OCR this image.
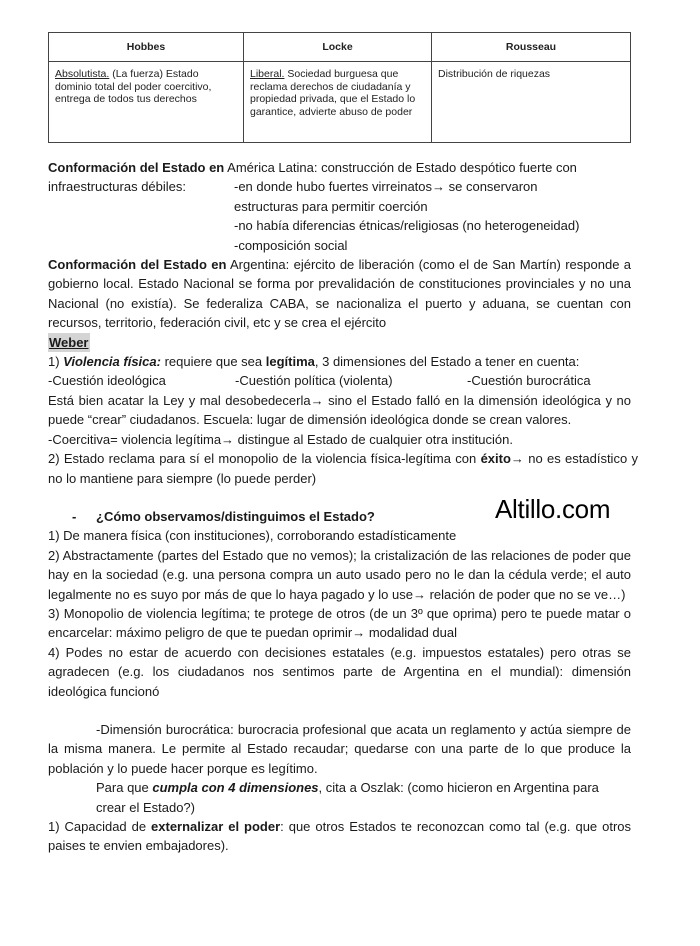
Hobbes	Locke	Rousseau
Absolutista. (La fuerza) Estado dominio total del poder coercitivo, entrega de todos tus derechos	Liberal. Sociedad burguesa que reclama derechos de ciudadanía y propiedad privada, que el Estado lo garantice, advierte abuso de poder	Distribución de riquezas

Conformación del Estado en América Latina: construcción de Estado despótico fuerte con

infraestructuras débiles:	-en donde hubo fuertes virreinatos→ se conservaron
estructuras para permitir coerción
-no había diferencias étnicas/religiosas (no heterogeneidad)
-composición social

Conformación del Estado en Argentina: ejército de liberación (como el de San Martín) responde a gobierno local. Estado Nacional se forma por prevalidación de constituciones provinciales y no una Nacional (no existía). Se federaliza CABA, se nacionaliza el puerto y aduana, se cuentan con recursos, territorio, federación civil, etc y se crea el ejército

Weber

1) Violencia física: requiere que sea legítima, 3 dimensiones del Estado a tener en cuenta:

-Cuestión ideológica	-Cuestión política (violenta)	-Cuestión burocrática

Está bien acatar la Ley y mal desobedecerla→ sino el Estado falló en la dimensión ideológica y no puede “crear” ciudadanos. Escuela: lugar de dimensión ideológica donde se crean valores.

-Coercitiva= violencia legítima→ distingue al Estado de cualquier otra institución.

2) Estado reclama para sí el monopolio de la violencia física-legítima con éxito→ no es estadístico y no lo mantiene para siempre (lo puede perder)

- ¿Cómo observamos/distinguimos el Estado?

1) De manera física (con instituciones), corroborando estadísticamente

2) Abstractamente (partes del Estado que no vemos); la cristalización de las relaciones de poder que hay en la sociedad (e.g. una persona compra un auto usado pero no le dan la cédula verde; el auto legalmente no es suyo por más de que lo haya pagado y lo use→ relación de poder que no se ve…)

3) Monopolio de violencia legítima; te protege de otros (de un 3º que oprima) pero te puede matar o encarcelar: máximo peligro de que te puedan oprimir→ modalidad dual

4) Podes no estar de acuerdo con decisiones estatales (e.g. impuestos estatales) pero otras se agradecen (e.g. los ciudadanos nos sentimos parte de Argentina en el mundial): dimensión ideológica funcionó

-Dimensión burocrática: burocracia profesional que acata un reglamento y actúa siempre de la misma manera. Le permite al Estado recaudar; quedarse con una parte de lo que produce la población y lo puede hacer porque es legítimo.

Para que cumpla con 4 dimensiones, cita a Oszlak: (como hicieron en Argentina para crear el Estado?)

1) Capacidad de externalizar el poder: que otros Estados te reconozcan como tal (e.g. que otros paises te envien embajadores).

Altillo.com
